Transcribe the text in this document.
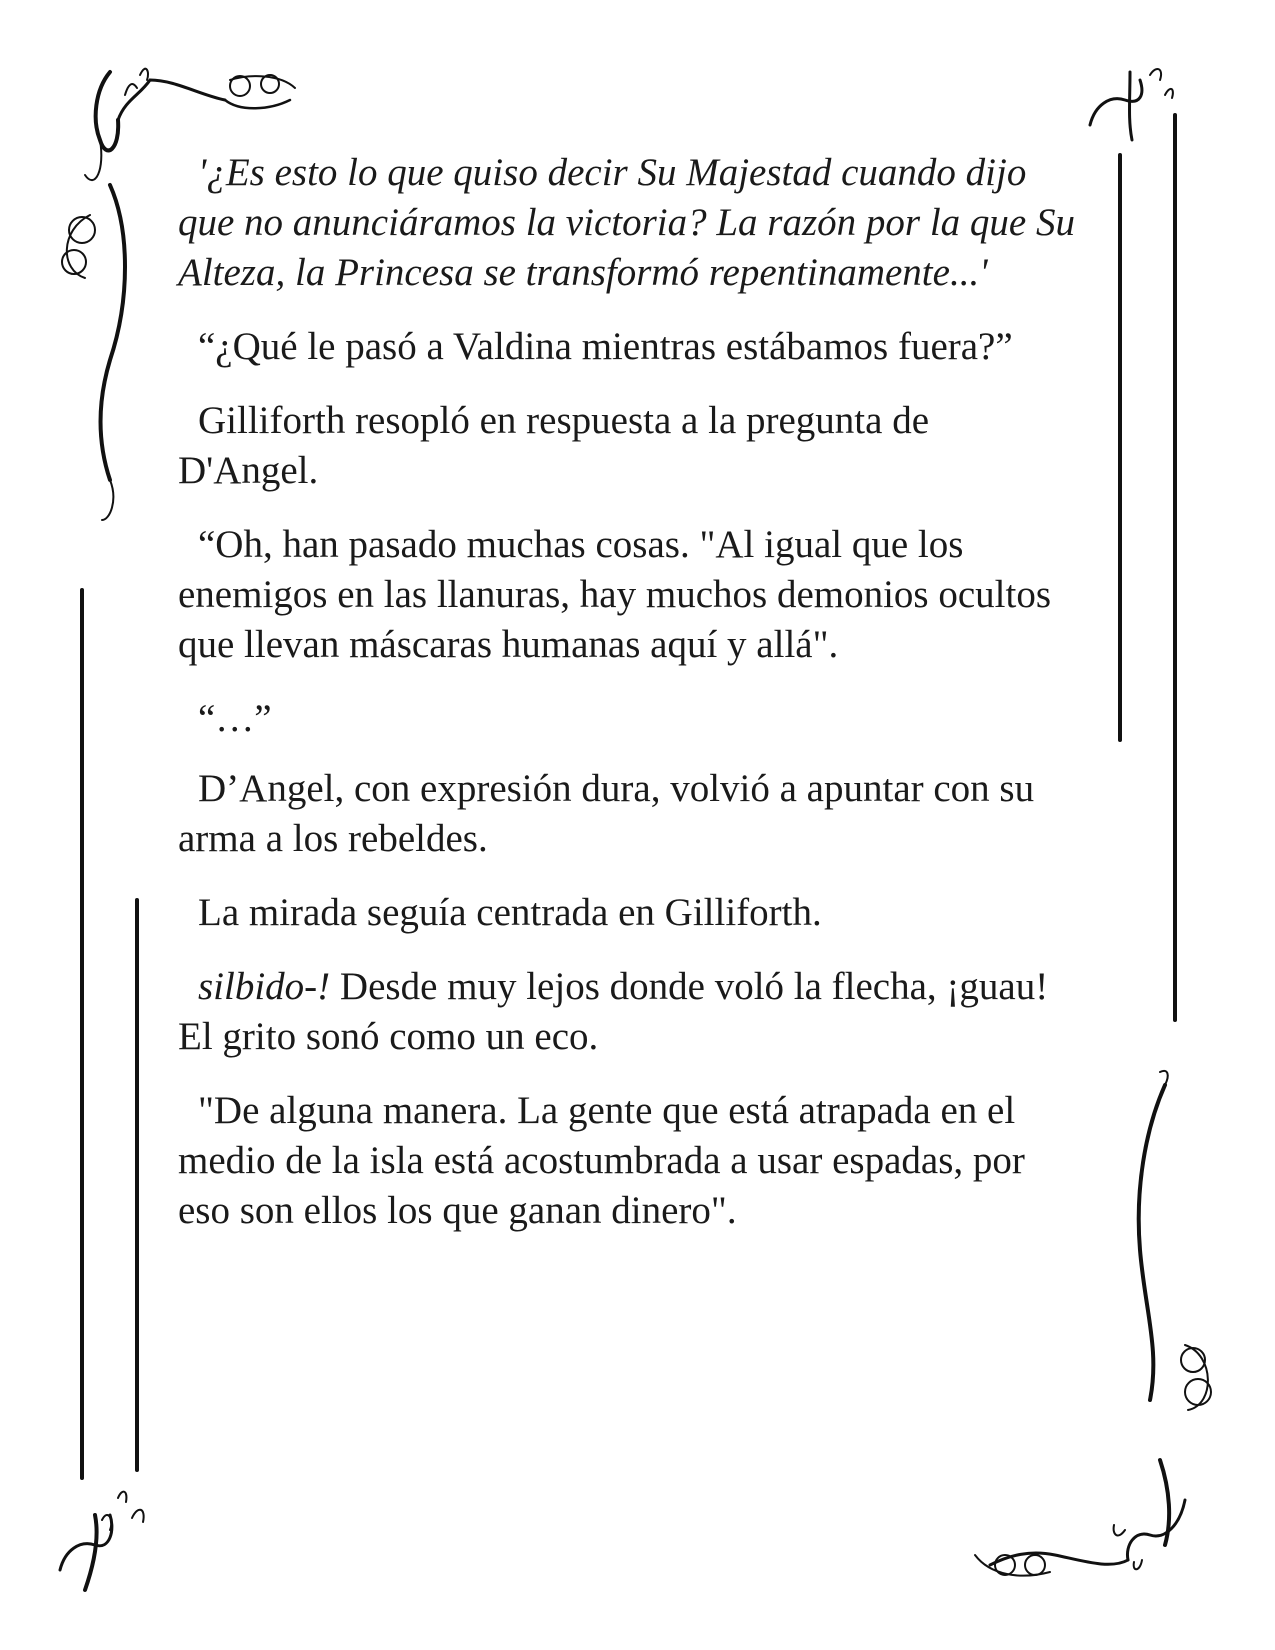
'¿Es esto lo que quiso decir Su Majestad cuando dijo que no anunciáramos la victoria? La razón por la que Su Alteza, la Princesa se transformó repentinamente...'

“¿Qué le pasó a Valdina mientras estábamos fuera?”

Gilliforth resopló en respuesta a la pregunta de D'Angel.

“Oh, han pasado muchas cosas. "Al igual que los enemigos en las llanuras, hay muchos demonios ocultos que llevan máscaras humanas aquí y allá".

“…”

D’Angel, con expresión dura, volvió a apuntar con su arma a los rebeldes.

La mirada seguía centrada en Gilliforth.

silbido-! Desde muy lejos donde voló la flecha, ¡guau! El grito sonó como un eco.

"De alguna manera. La gente que está atrapada en el medio de la isla está acostumbrada a usar espadas, por eso son ellos los que ganan dinero".
